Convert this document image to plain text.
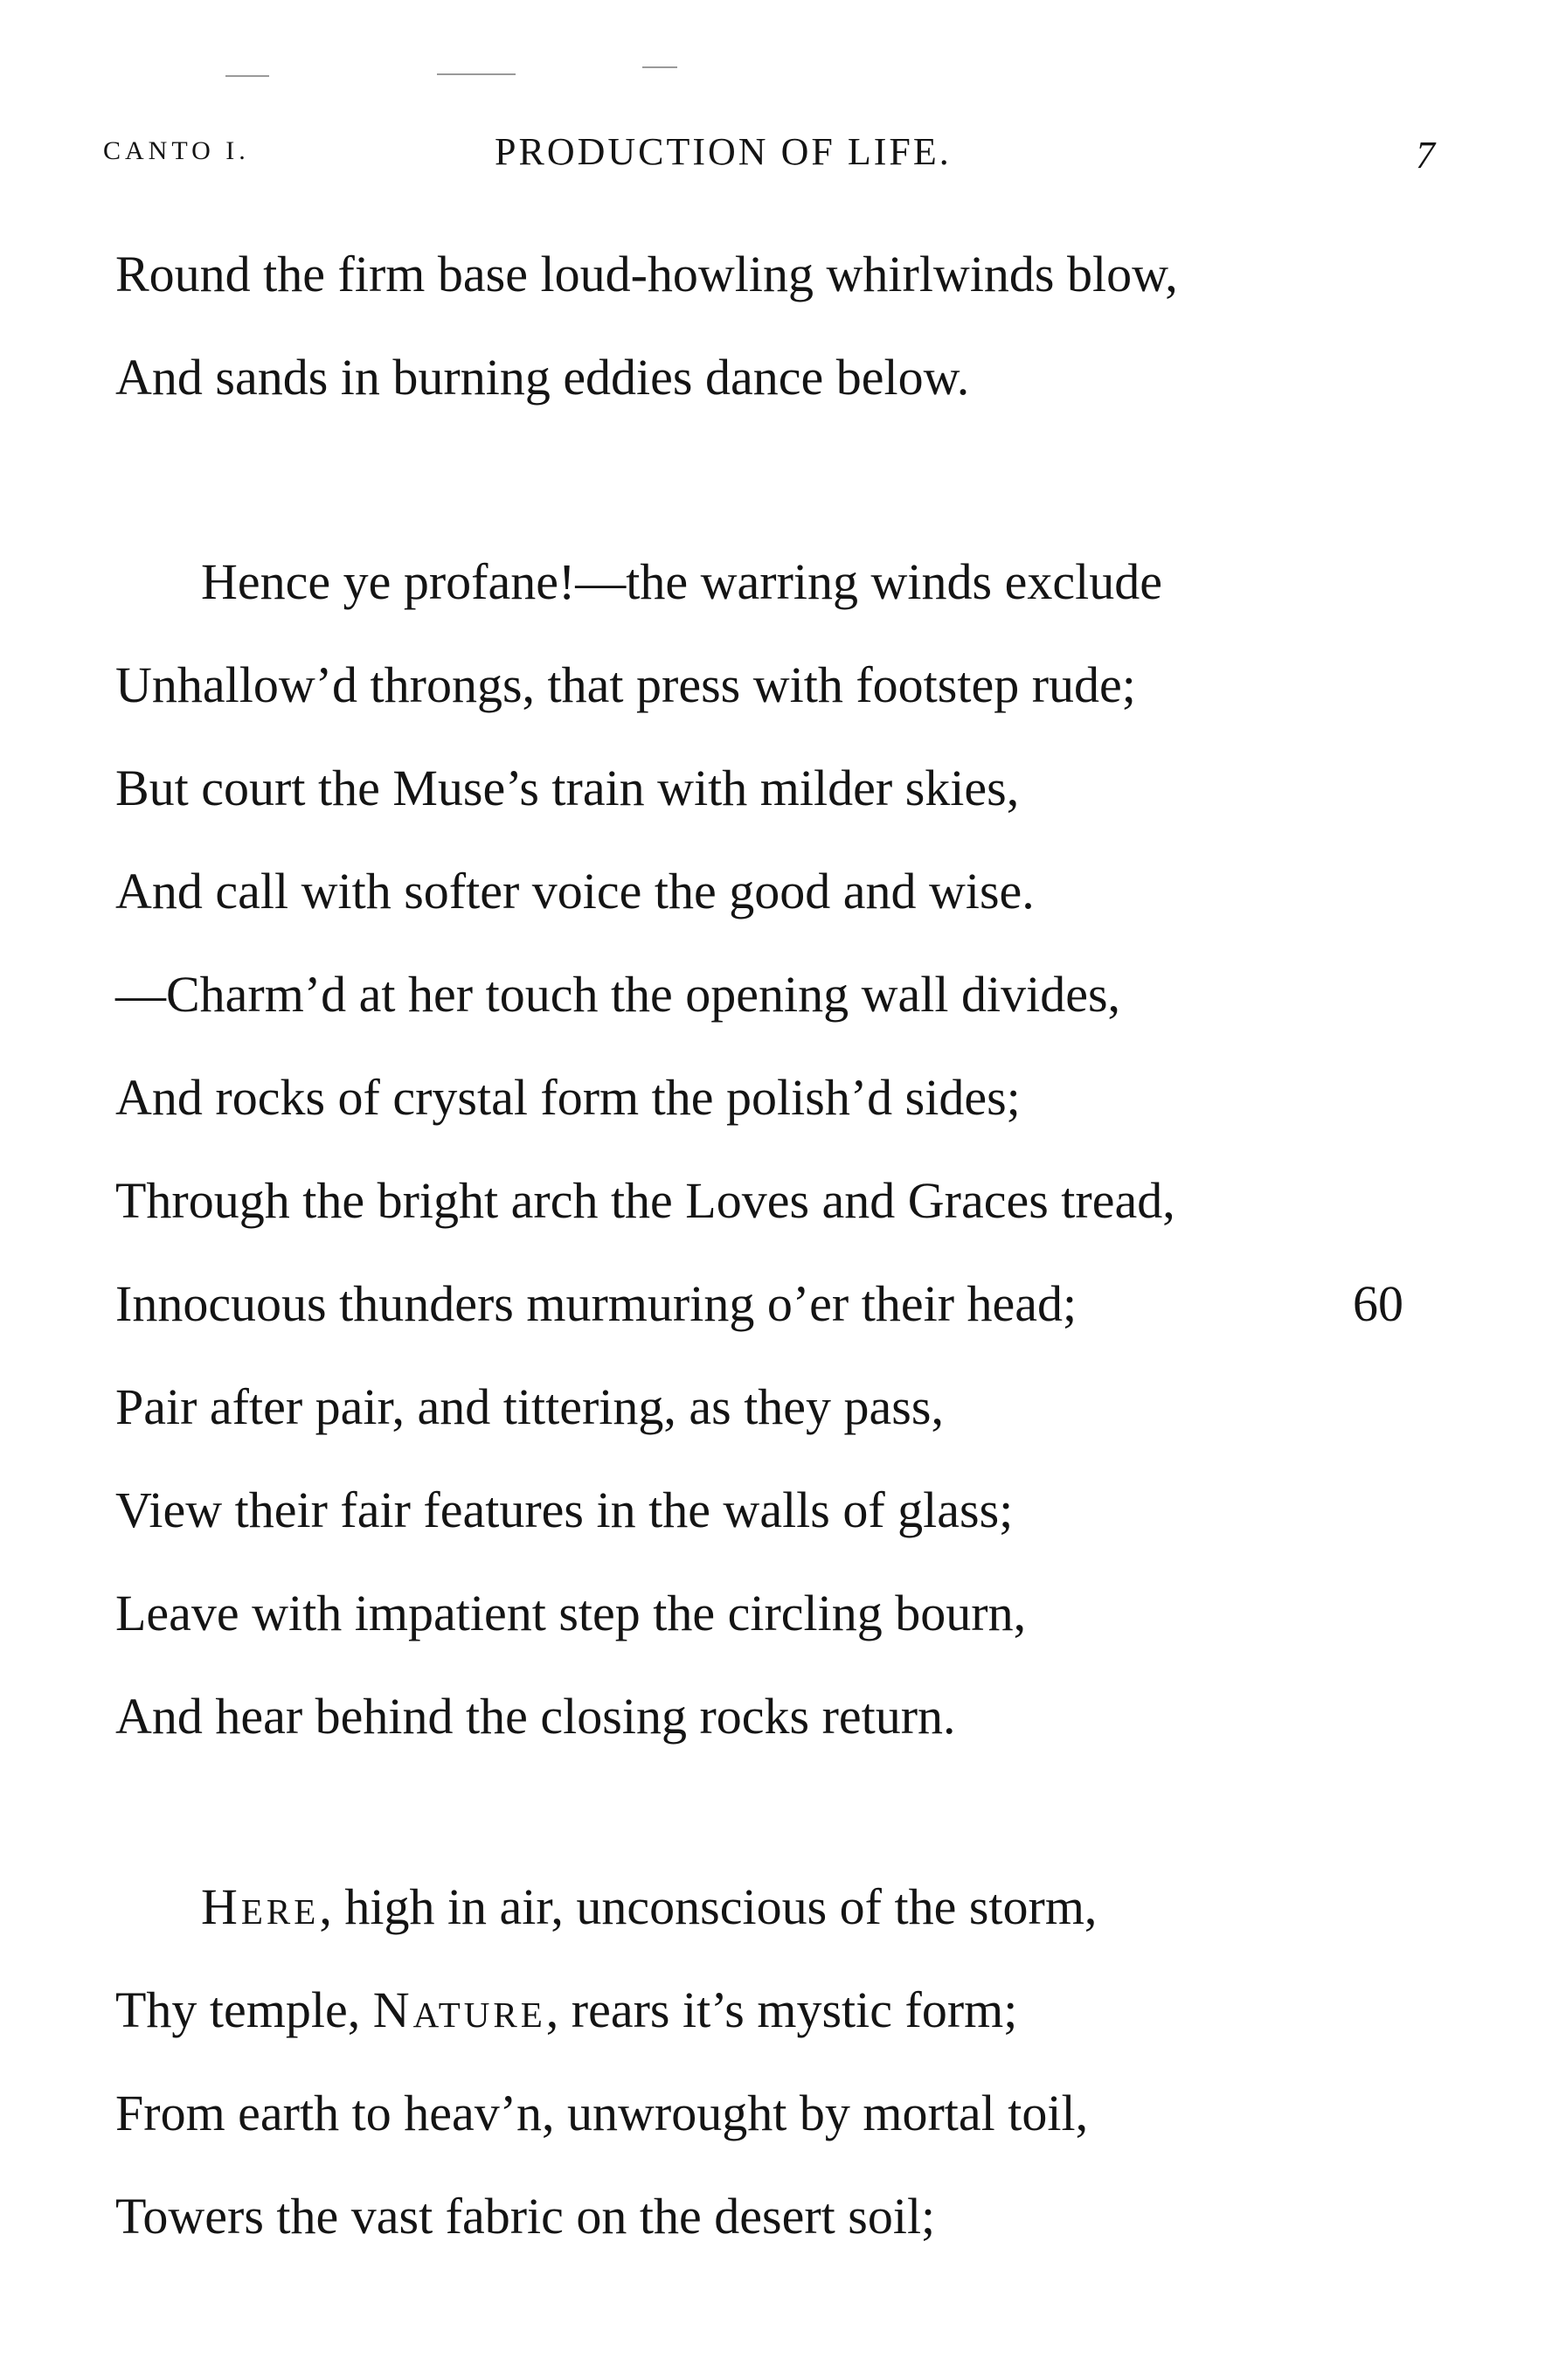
CANTO I.	PRODUCTION OF LIFE.	7
Round the firm base loud-howling whirlwinds blow,
And sands in burning eddies dance below.
Hence ye profane!—the warring winds exclude
Unhallow’d throngs, that press with footstep rude;
But court the Muse’s train with milder skies,
And call with softer voice the good and wise.
—Charm’d at her touch the opening wall divides,
And rocks of crystal form the polish’d sides;
Through the bright arch the Loves and Graces tread,
Innocuous thunders murmuring o’er their head;	60
Pair after pair, and tittering, as they pass,
View their fair features in the walls of glass;
Leave with impatient step the circling bourn,
And hear behind the closing rocks return.
Here, high in air, unconscious of the storm,
Thy temple, Nature, rears it’s mystic form;
From earth to heav’n, unwrought by mortal toil,
Towers the vast fabric on the desert soil;
